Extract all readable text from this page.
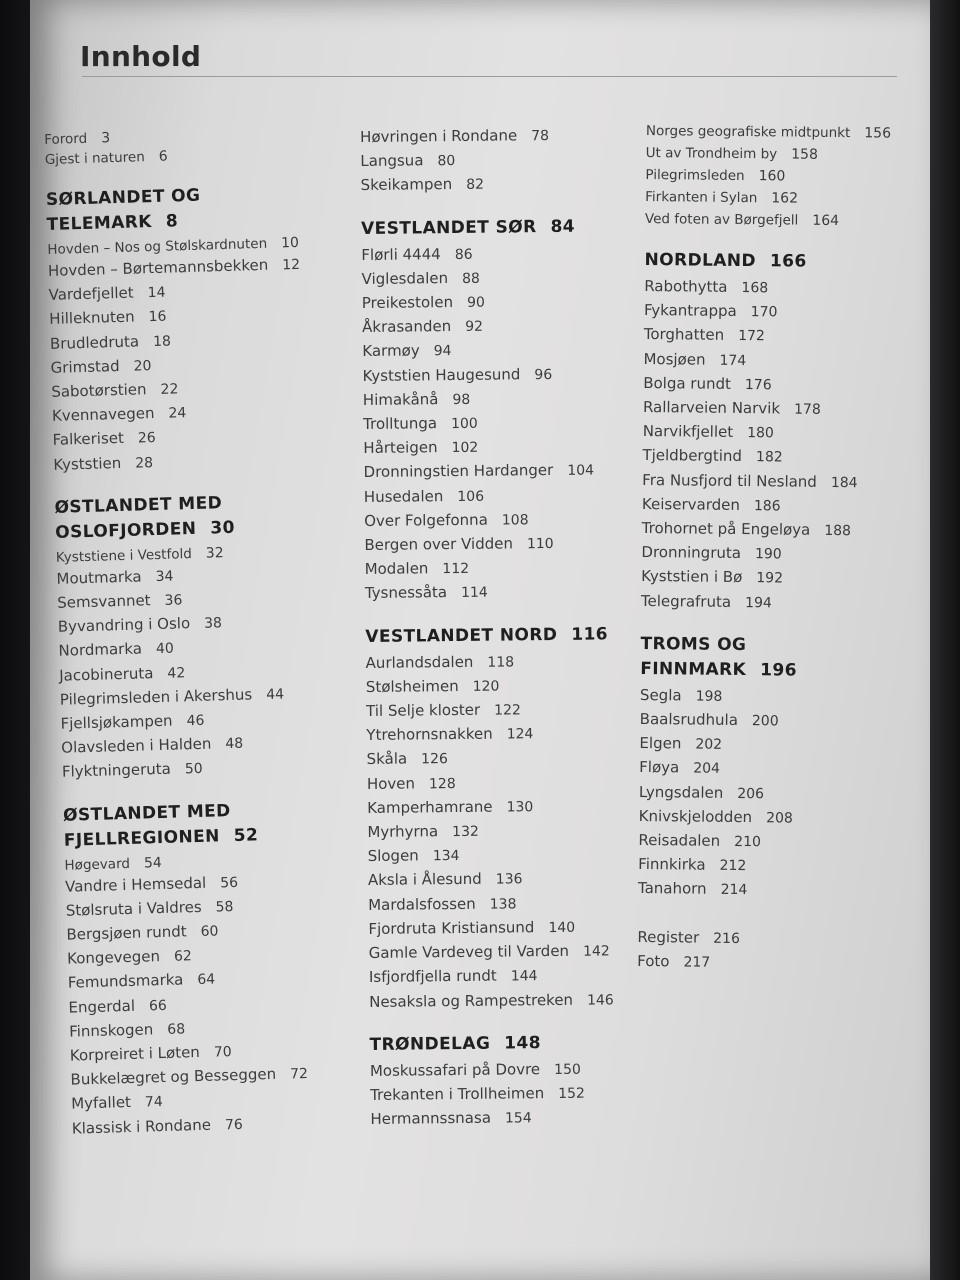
Innhold
Forord 3
Gjest i naturen 6
SØRLANDET OG TELEMARK 8
Hovden – Nos og Stølskardnuten 10
Hovden – Børtemannsbekken 12
Vardefjellet 14
Hilleknuten 16
Brudledruta 18
Grimstad 20
Sabotørstien 22
Kvennavegen 24
Falkeriset 26
Kyststien 28
ØSTLANDET MED OSLOFJORDEN 30
Kyststiene i Vestfold 32
Moutmarka 34
Semsvannet 36
Byvandring i Oslo 38
Nordmarka 40
Jacobineruta 42
Pilegrimsleden i Akershus 44
Fjellsjøkampen 46
Olavsleden i Halden 48
Flyktningeruta 50
ØSTLANDET MED FJELLREGIONEN 52
Høgevard 54
Vandre i Hemsedal 56
Stølsruta i Valdres 58
Bergsjøen rundt 60
Kongevegen 62
Femundsmarka 64
Engerdal 66
Finnskogen 68
Korpreiret i Løten 70
Bukkelægret og Besseggen 72
Myfallet 74
Klassisk i Rondane 76
Høvringen i Rondane 78
Langsua 80
Skeikampen 82
VESTLANDET SØR 84
Flørli 4444 86
Viglesdalen 88
Preikestolen 90
Åkrasanden 92
Karmøy 94
Kyststien Haugesund 96
Himakånå 98
Trolltunga 100
Hårteigen 102
Dronningstien Hardanger 104
Husedalen 106
Over Folgefonna 108
Bergen over Vidden 110
Modalen 112
Tysnessåta 114
VESTLANDET NORD 116
Aurlandsdalen 118
Stølsheimen 120
Til Selje kloster 122
Ytrehornsnakken 124
Skåla 126
Hoven 128
Kamperhamrane 130
Myrhyrna 132
Slogen 134
Aksla i Ålesund 136
Mardalsfossen 138
Fjordruta Kristiansund 140
Gamle Vardeveg til Varden 142
Isfjordfjella rundt 144
Nesaksla og Rampestreken 146
TRØNDELAG 148
Moskussafari på Dovre 150
Trekanten i Trollheimen 152
Hermannssnasa 154
Norges geografiske midtpunkt 156
Ut av Trondheim by 158
Pilegrimsleden 160
Firkanten i Sylan 162
Ved foten av Børgefjell 164
NORDLAND 166
Rabothytta 168
Fykantrappa 170
Torghatten 172
Mosjøen 174
Bolga rundt 176
Rallarveien Narvik 178
Narvikfjellet 180
Tjeldbergtind 182
Fra Nusfjord til Nesland 184
Keiservarden 186
Trohornet på Engeløya 188
Dronningruta 190
Kyststien i Bø 192
Telegrafruta 194
TROMS OG FINNMARK 196
Segla 198
Baalsrudhula 200
Elgen 202
Fløya 204
Lyngsdalen 206
Knivskjelodden 208
Reisadalen 210
Finnkirka 212
Tanahorn 214
Register 216
Foto 217
